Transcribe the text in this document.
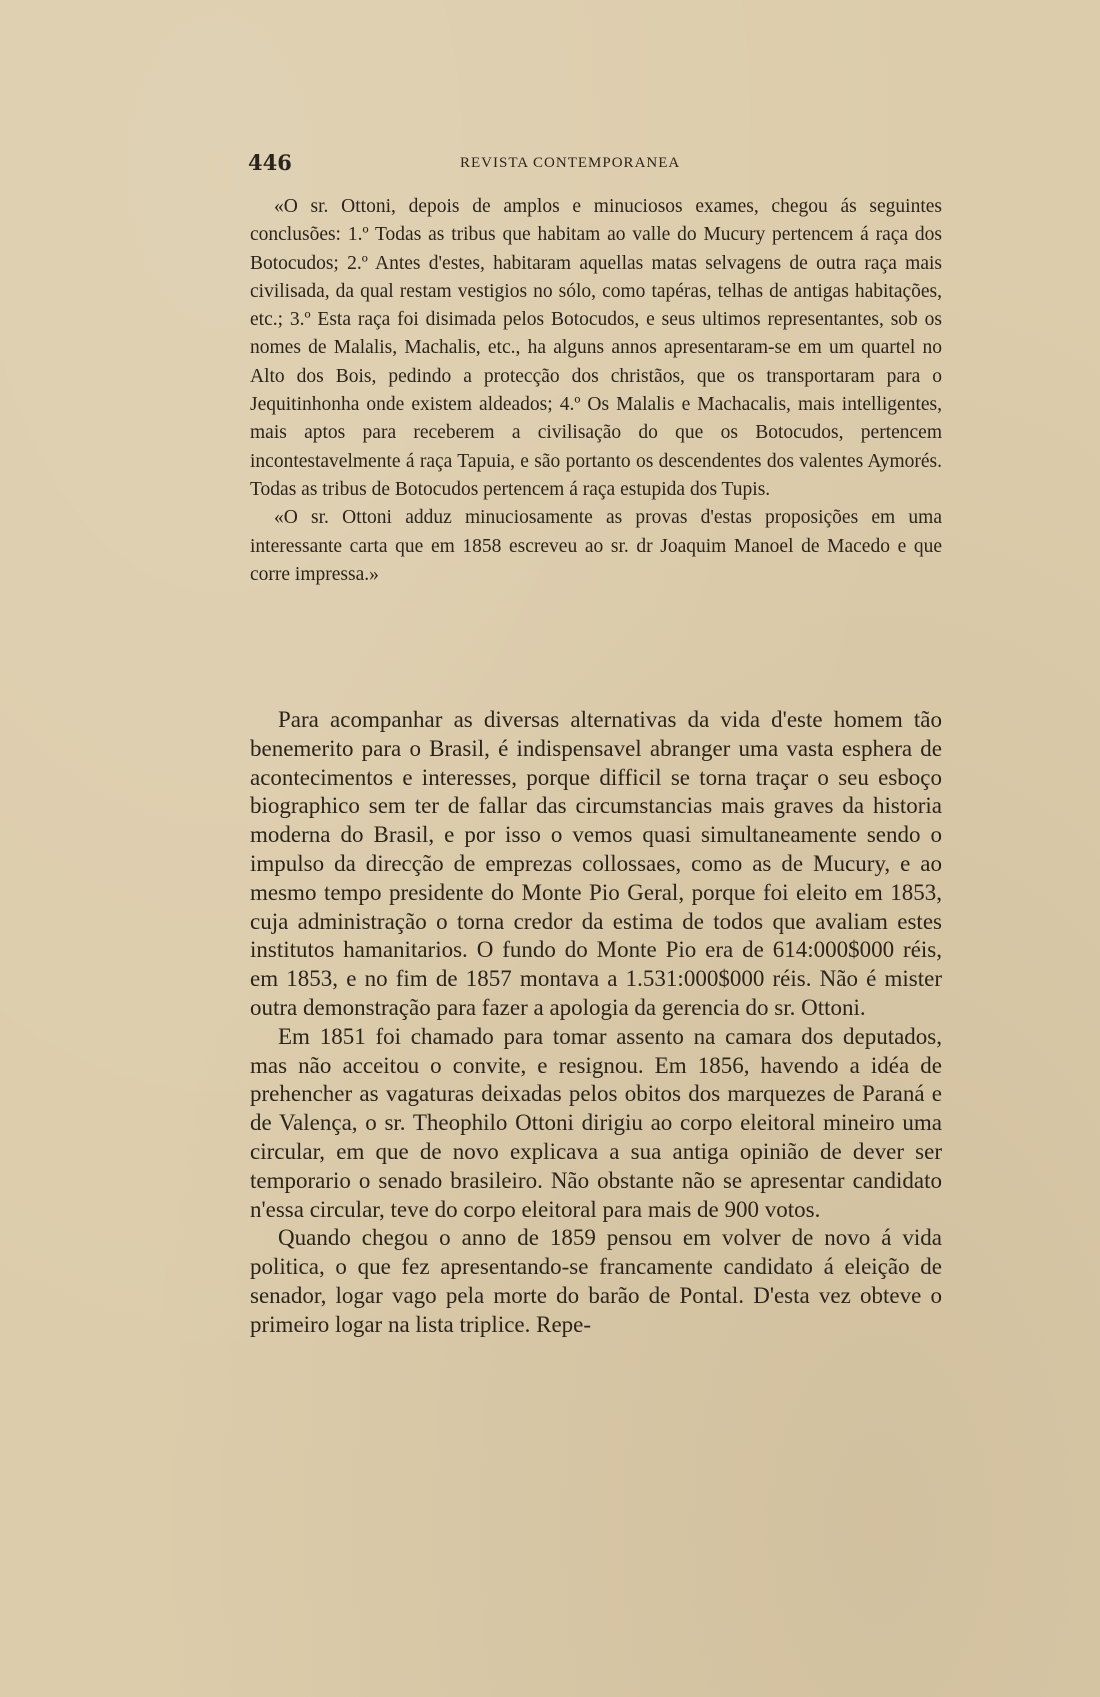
446	REVISTA CONTEMPORANEA

«O sr. Ottoni, depois de amplos e minuciosos exames, chegou ás seguintes conclusões: 1.º Todas as tribus que habitam ao valle do Mucury pertencem á raça dos Botocudos; 2.º Antes d'estes, habitaram aquellas matas selvagens de outra raça mais civilisada, da qual restam vestigios no sólo, como tapéras, telhas de antigas habitações, etc.; 3.º Esta raça foi disimada pelos Botocudos, e seus ultimos representantes, sob os nomes de Malalis, Machalis, etc., ha alguns annos apresentaram-se em um quartel no Alto dos Bois, pedindo a protecção dos christãos, que os transportaram para o Jequitinhonha onde existem aldeados; 4.º Os Malalis e Machacalis, mais intelligentes, mais aptos para receberem a civilisação do que os Botocudos, pertencem incontestavelmente á raça Tapuia, e são portanto os descendentes dos valentes Aymorés. Todas as tribus de Botocudos pertencem á raça estupida dos Tupis.

«O sr. Ottoni adduz minuciosamente as provas d'estas proposições em uma interessante carta que em 1858 escreveu ao sr. dr Joaquim Manoel de Macedo e que corre impressa.»

Para acompanhar as diversas alternativas da vida d'este homem tão benemerito para o Brasil, é indispensavel abranger uma vasta esphera de acontecimentos e interesses, porque difficil se torna traçar o seu esboço biographico sem ter de fallar das circumstancias mais graves da historia moderna do Brasil, e por isso o vemos quasi simultaneamente sendo o impulso da direcção de emprezas collossaes, como as de Mucury, e ao mesmo tempo presidente do Monte Pio Geral, porque foi eleito em 1853, cuja administração o torna credor da estima de todos que avaliam estes institutos hamanitarios. O fundo do Monte Pio era de 614:000$000 réis, em 1853, e no fim de 1857 montava a 1.531:000$000 réis. Não é mister outra demonstração para fazer a apologia da gerencia do sr. Ottoni.

Em 1851 foi chamado para tomar assento na camara dos deputados, mas não acceitou o convite, e resignou. Em 1856, havendo a idéa de prehencher as vagaturas deixadas pelos obitos dos marquezes de Paraná e de Valença, o sr. Theophilo Ottoni dirigiu ao corpo eleitoral mineiro uma circular, em que de novo explicava a sua antiga opinião de dever ser temporario o senado brasileiro. Não obstante não se apresentar candidato n'essa circular, teve do corpo eleitoral para mais de 900 votos.

Quando chegou o anno de 1859 pensou em volver de novo á vida politica, o que fez apresentando-se francamente candidato á eleição de senador, logar vago pela morte do barão de Pontal. D'esta vez obteve o primeiro logar na lista triplice. Repe-
